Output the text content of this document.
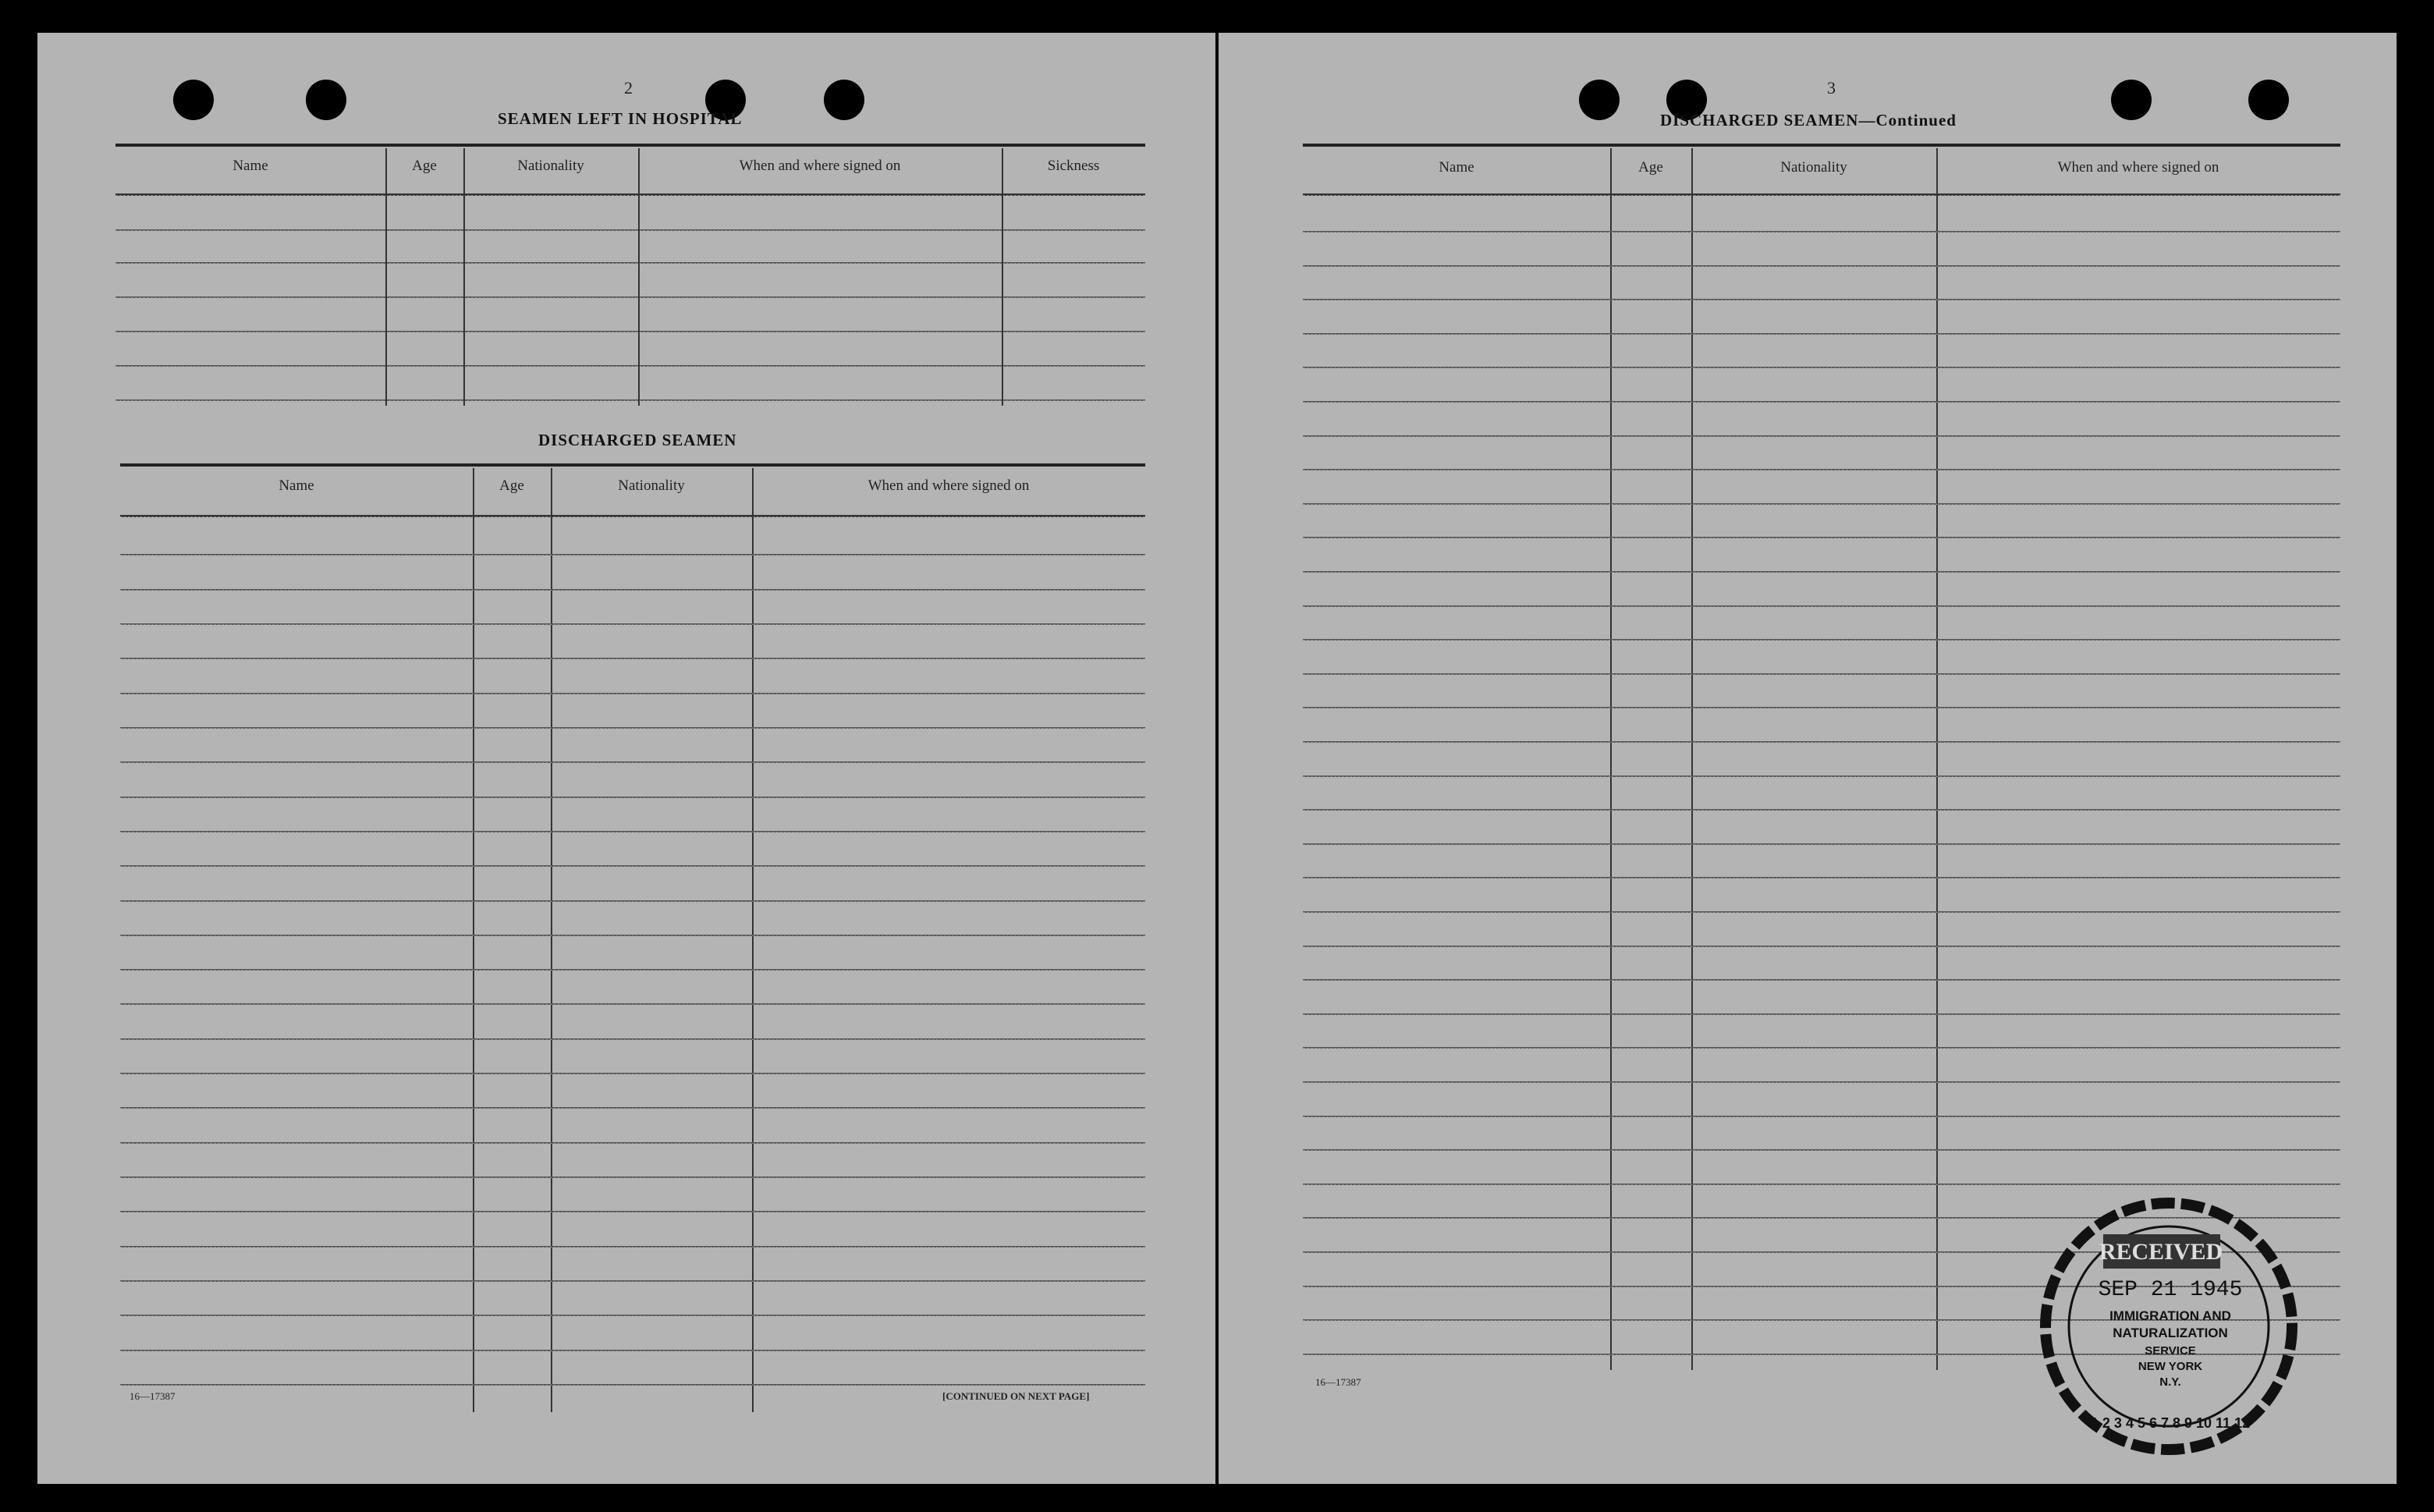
2
SEAMEN LEFT IN HOSPITAL
Name	Age	Nationality	When and where signed on	Sickness
DISCHARGED SEAMEN
Name	Age	Nationality	When and where signed on
16—17387	[CONTINUED ON NEXT PAGE]
3
DISCHARGED SEAMEN—Continued
Name	Age	Nationality	When and where signed on
16—17387
RECEIVED
SEP 21 1945
IMMIGRATION AND
NATURALIZATION
SERVICE
NEW YORK
N.Y.
1 2 3 4 5 6 7 8 9 10 11 12
